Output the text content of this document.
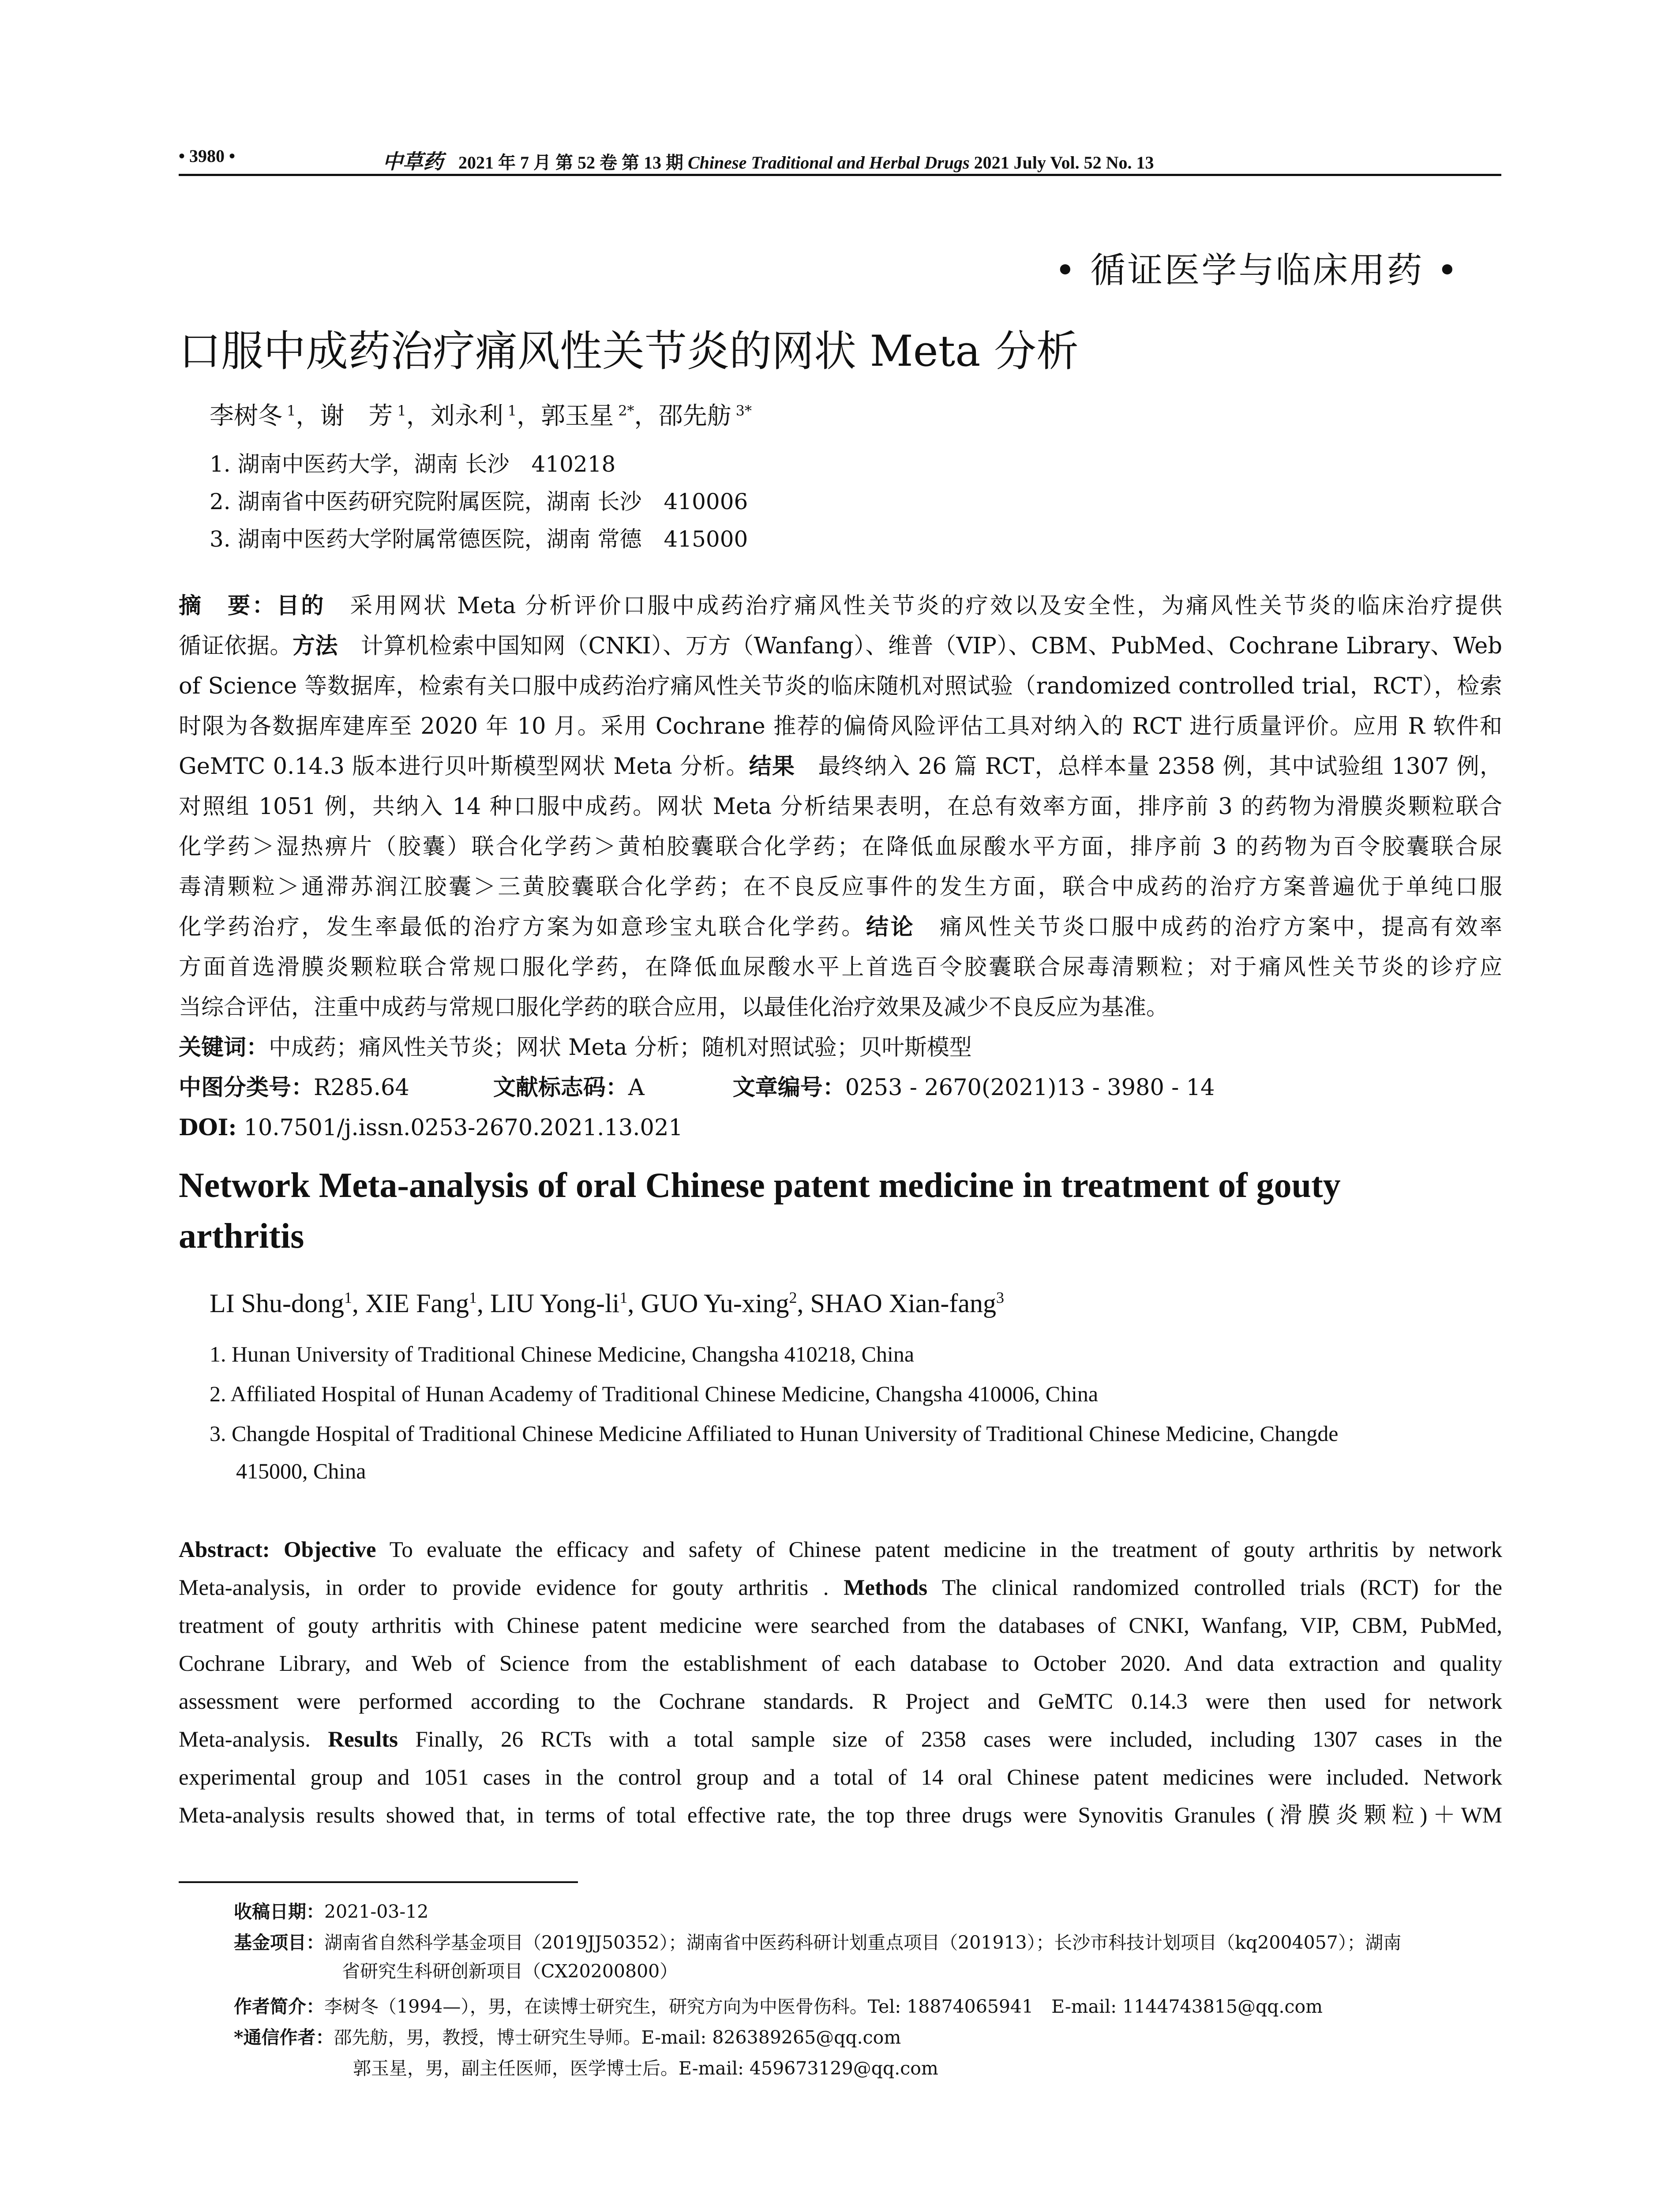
• 3980 •	中草药 2021 年 7 月 第 52 卷 第 13 期 Chinese Traditional and Herbal Drugs 2021 July Vol. 52 No. 13
• 循证医学与临床用药 •
口服中成药治疗痛风性关节炎的网状 Meta 分析
李树冬 $^1$，谢　芳 $^1$，刘永利 $^1$，郭玉星 $^{2*}$，邵先舫 $^{3*}$
1. 湖南中医药大学，湖南 长沙　410218
2. 湖南省中医药研究院附属医院，湖南 长沙　410006
3. 湖南中医药大学附属常德医院，湖南 常德　415000
摘　要：目的　采用网状 Meta 分析评价口服中成药治疗痛风性关节炎的疗效以及安全性，为痛风性关节炎的临床治疗提供
循证依据。方法　计算机检索中国知网（CNKI）、万方（Wanfang）、维普（VIP）、CBM、PubMed、Cochrane Library、Web
of Science 等数据库，检索有关口服中成药治疗痛风性关节炎的临床随机对照试验（randomized controlled trial，RCT），检索
时限为各数据库建库至 2020 年 10 月。采用 Cochrane 推荐的偏倚风险评估工具对纳入的 RCT 进行质量评价。应用 R 软件和
GeMTC 0.14.3 版本进行贝叶斯模型网状 Meta 分析。结果　最终纳入 26 篇 RCT，总样本量 2358 例，其中试验组 1307 例，
对照组 1051 例，共纳入 14 种口服中成药。网状 Meta 分析结果表明，在总有效率方面，排序前 3 的药物为滑膜炎颗粒联合
化学药＞湿热痹片（胶囊）联合化学药＞黄柏胶囊联合化学药；在降低血尿酸水平方面，排序前 3 的药物为百令胶囊联合尿
毒清颗粒＞通滞苏润江胶囊＞三黄胶囊联合化学药；在不良反应事件的发生方面，联合中成药的治疗方案普遍优于单纯口服
化学药治疗，发生率最低的治疗方案为如意珍宝丸联合化学药。结论　痛风性关节炎口服中成药的治疗方案中，提高有效率
方面首选滑膜炎颗粒联合常规口服化学药，在降低血尿酸水平上首选百令胶囊联合尿毒清颗粒；对于痛风性关节炎的诊疗应
当综合评估，注重中成药与常规口服化学药的联合应用，以最佳化治疗效果及减少不良反应为基准。
关键词：中成药；痛风性关节炎；网状 Meta 分析；随机对照试验；贝叶斯模型
中图分类号：R285.64	文献标志码：A	文章编号：0253 - 2670(2021)13 - 3980 - 14
DOI: 10.7501/j.issn.0253-2670.2021.13.021
Network Meta-analysis of oral Chinese patent medicine in treatment of gouty
arthritis
LI Shu-dong$^1$, XIE Fang$^1$, LIU Yong-$li^1$, GUO Yu-xing$^2$, SHAO Xian-fang$^3$
1. Hunan University of Traditional Chinese Medicine, Changsha 410218, China
2. Affiliated Hospital of Hunan Academy of Traditional Chinese Medicine, Changsha 410006, China
3. Changde Hospital of Traditional Chinese Medicine Affiliated to Hunan University of Traditional Chinese Medicine, Changde
415000, China
Abstract: Objective To evaluate the efficacy and safety of Chinese patent medicine in the treatment of gouty arthritis by network
Meta-analysis, in order to provide evidence for gouty arthritis . Methods The clinical randomized controlled trials (RCT) for the
treatment of gouty arthritis with Chinese patent medicine were searched from the databases of CNKI, Wanfang, VIP, CBM, PubMed,
Cochrane Library, and Web of Science from the establishment of each database to October 2020. And data extraction and quality
assessment were performed according to the Cochrane standards. R Project and GeMTC 0.14.3 were then used for network
Meta-analysis. Results Finally, 26 RCTs with a total sample size of 2358 cases were included, including 1307 cases in the
experimental group and 1051 cases in the control group and a total of 14 oral Chinese patent medicines were included. Network
Meta-analysis results showed that, in terms of total effective rate, the top three drugs were Synovitis Granules (滑膜炎颗粒)＋WM
收稿日期：2021-03-12
基金项目：湖南省自然科学基金项目（2019JJ50352）；湖南省中医药科研计划重点项目（201913）；长沙市科技计划项目（kq2004057）；湖南
省研究生科研创新项目（CX20200800）
作者简介：李树冬（1994—），男，在读博士研究生，研究方向为中医骨伤科。Tel: 18874065941　E-mail: 1144743815@qq.com
*通信作者：邵先舫，男，教授，博士研究生导师。E-mail: 826389265@qq.com
郭玉星，男，副主任医师，医学博士后。E-mail: 459673129@qq.com
